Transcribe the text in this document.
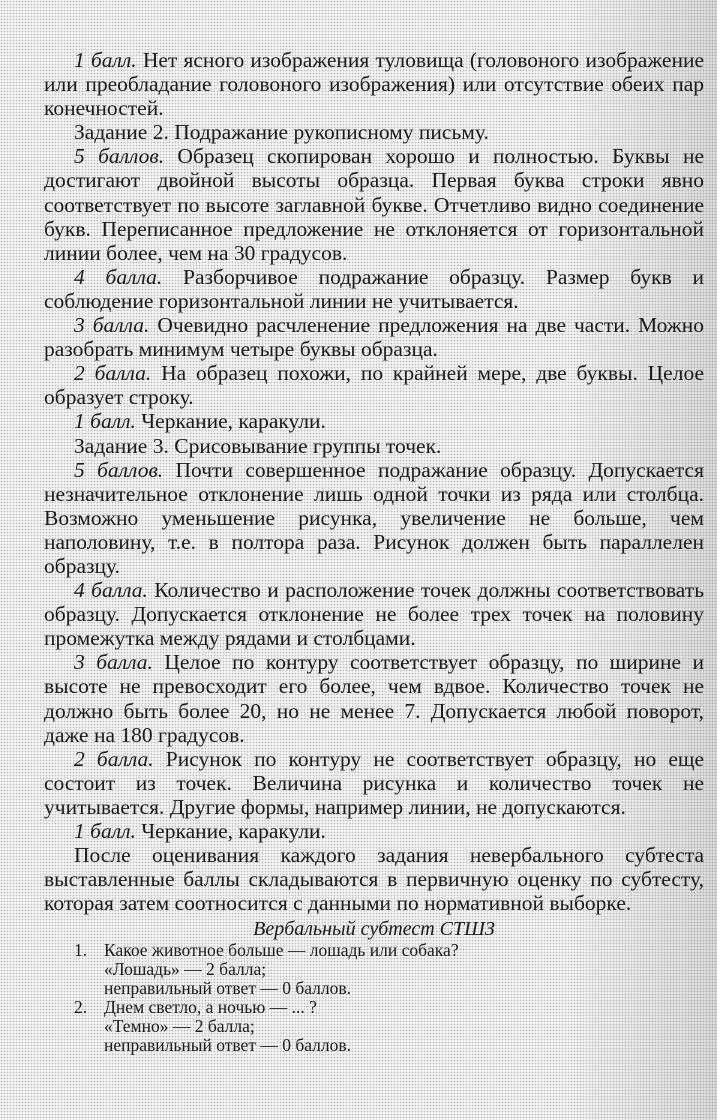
1 балл. Нет ясного изображения туловища (головоного изображение или преобладание головоного изображения) или отсутствие обеих пар конечностей.

Задание 2. Подражание рукописному письму.

5 баллов. Образец скопирован хорошо и полностью. Буквы не достигают двойной высоты образца. Первая буква строки явно соответствует по высоте заглавной букве. Отчетливо видно соединение букв. Переписанное предложение не отклоняется от горизонтальной линии более, чем на 30 градусов.

4 балла. Разборчивое подражание образцу. Размер букв и соблюдение горизонтальной линии не учитывается.

3 балла. Очевидно расчленение предложения на две части. Можно разобрать минимум четыре буквы образца.

2 балла. На образец похожи, по крайней мере, две буквы. Целое образует строку.

1 балл. Черкание, каракули.

Задание 3. Срисовывание группы точек.

5 баллов. Почти совершенное подражание образцу. Допускается незначительное отклонение лишь одной точки из ряда или столбца. Возможно уменьшение рисунка, увеличение не больше, чем наполовину, т.е. в полтора раза. Рисунок должен быть параллелен образцу.

4 балла. Количество и расположение точек должны соответствовать образцу. Допускается отклонение не более трех точек на половину промежутка между рядами и столбцами.

3 балла. Целое по контуру соответствует образцу, по ширине и высоте не превосходит его более, чем вдвое. Количество точек не должно быть более 20, но не менее 7. Допускается любой поворот, даже на 180 градусов.

2 балла. Рисунок по контуру не соответствует образцу, но еще состоит из точек. Величина рисунка и количество точек не учитывается. Другие формы, например линии, не допускаются.

1 балл. Черкание, каракули.

После оценивания каждого задания невербального субтеста выставленные баллы складываются в первичную оценку по субтесту, которая затем соотносится с данными по нормативной выборке.

Вербальный субтест СТШЗ

1. Какое животное больше — лошадь или собака?
«Лошадь» — 2 балла;
неправильный ответ — 0 баллов.
2. Днем светло, а ночью — ... ?
«Темно» — 2 балла;
неправильный ответ — 0 баллов.
